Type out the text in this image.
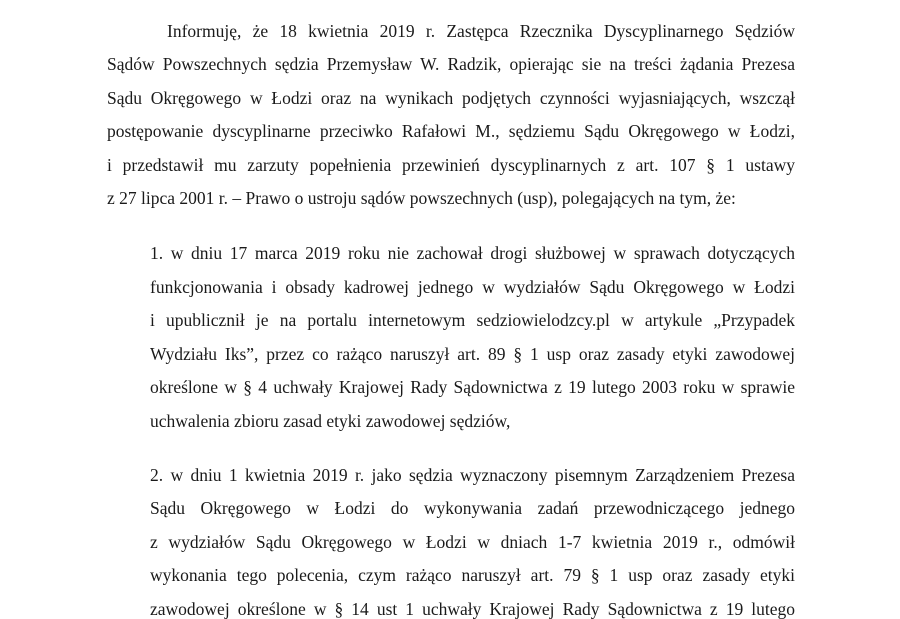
Informuję, że 18 kwietnia 2019 r. Zastępca Rzecznika Dyscyplinarnego Sędziów
Sądów Powszechnych sędzia Przemysław W. Radzik, opierając sie na treści żądania Prezesa
Sądu Okręgowego w Łodzi oraz na wynikach podjętych czynności wyjasniających, wszczął
postępowanie dyscyplinarne przeciwko Rafałowi M., sędziemu Sądu Okręgowego w Łodzi,
i przedstawił mu zarzuty popełnienia przewinień dyscyplinarnych z art. 107 § 1 ustawy
z 27 lipca 2001 r. – Prawo o ustroju sądów powszechnych (usp), polegających na tym, że:
1. w dniu 17 marca 2019 roku nie zachował drogi służbowej w sprawach dotyczących
funkcjonowania i obsady kadrowej jednego w wydziałów Sądu Okręgowego w Łodzi
i upublicznił je na portalu internetowym sedziowielodzcy.pl w artykule „Przypadek
Wydziału Iks”, przez co rażąco naruszył art. 89 § 1 usp oraz zasady etyki zawodowej
określone w § 4 uchwały Krajowej Rady Sądownictwa z 19 lutego 2003 roku w sprawie
uchwalenia zbioru zasad etyki zawodowej sędziów,
2. w dniu 1 kwietnia 2019 r. jako sędzia wyznaczony pisemnym Zarządzeniem Prezesa
Sądu Okręgowego w Łodzi do wykonywania zadań przewodniczącego jednego
z wydziałów Sądu Okręgowego w Łodzi w dniach 1-7 kwietnia 2019 r., odmówił
wykonania tego polecenia, czym rażąco naruszył art. 79 § 1 usp oraz zasady etyki
zawodowej określone w § 14 ust 1 uchwały Krajowej Rady Sądownictwa z 19 lutego
